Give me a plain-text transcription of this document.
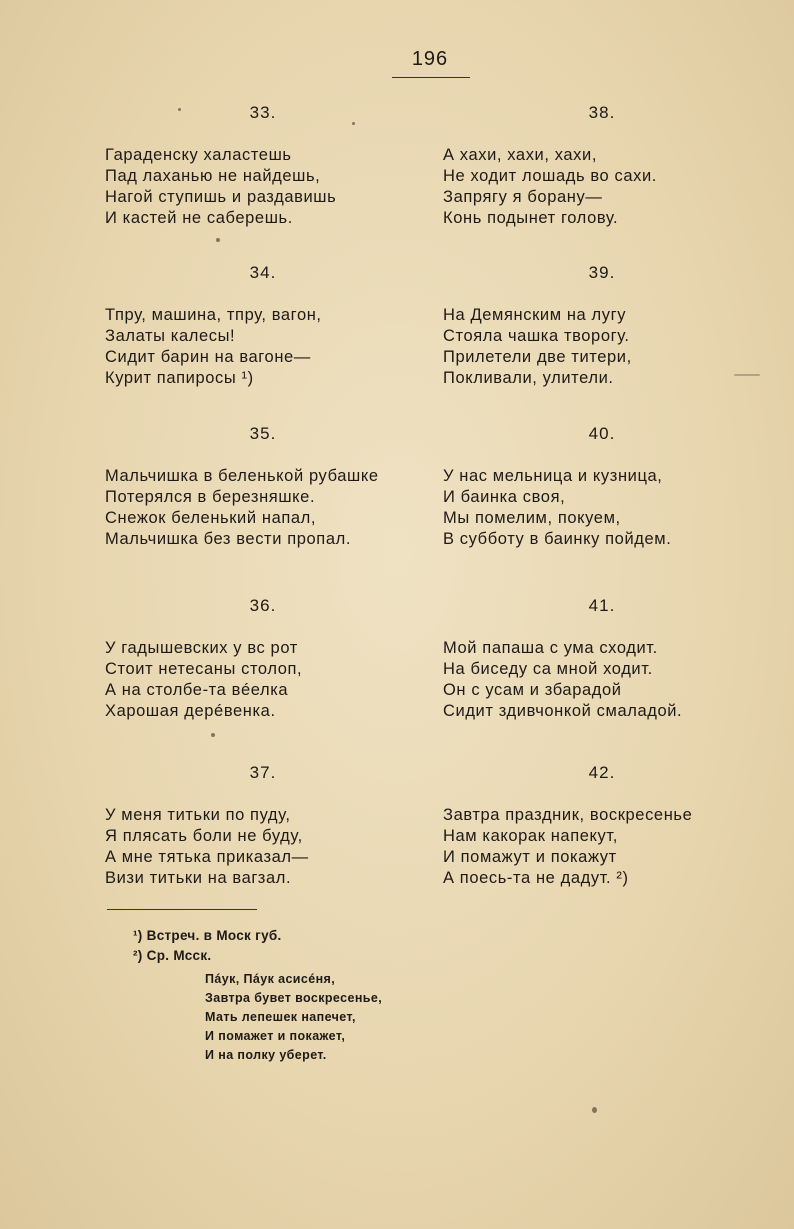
196
33.
Гараденску халастешь
Пад лаханью не найдешь,
Нагой ступишь и раздавишь
И кастей не саберешь.
34.
Тпру, машина, тпру, вагон,
Залаты калесы!
Сидит барин на вагоне—
Курит папиросы ¹)
35.
Мальчишка в беленькой рубашке
Потерялся в березняшке.
Снежок беленький напал,
Мальчишка без вести пропал.
36.
У гадышевских у вс рот
Стоит нетесаны столоп,
А на столбе-та вéелка
Харошая дерéвенка.
37.
У меня титьки по пуду,
Я плясать боли не буду,
А мне тятька приказал—
Визи титьки на вагзал.
38.
А хахи, хахи, хахи,
Не ходит лошадь во сахи.
Запрягу я борану—
Конь подынет голову.
39.
На Демянским на лугу
Стояла чашка творогу.
Прилетели две титери,
Покливали, улители.
40.
У нас мельница и кузница,
И баинка своя,
Мы помелим, покуем,
В субботу в баинку пойдем.
41.
Мой папаша с ума сходит.
На биседу са мной ходит.
Он с усам и збарадой
Сидит здивчонкой смаладой.
42.
Завтра праздник, воскресенье
Нам какорак напекут,
И помажут и покажут
А поесь-та не дадут. ²)
¹) Встреч. в Моск губ.
²) Ср. Мсск.
Пáук, Пáук асисéня,
Завтра бувет воскресенье,
Мать лепешек напечет,
И помажет и покажет,
И на полку уберет.
